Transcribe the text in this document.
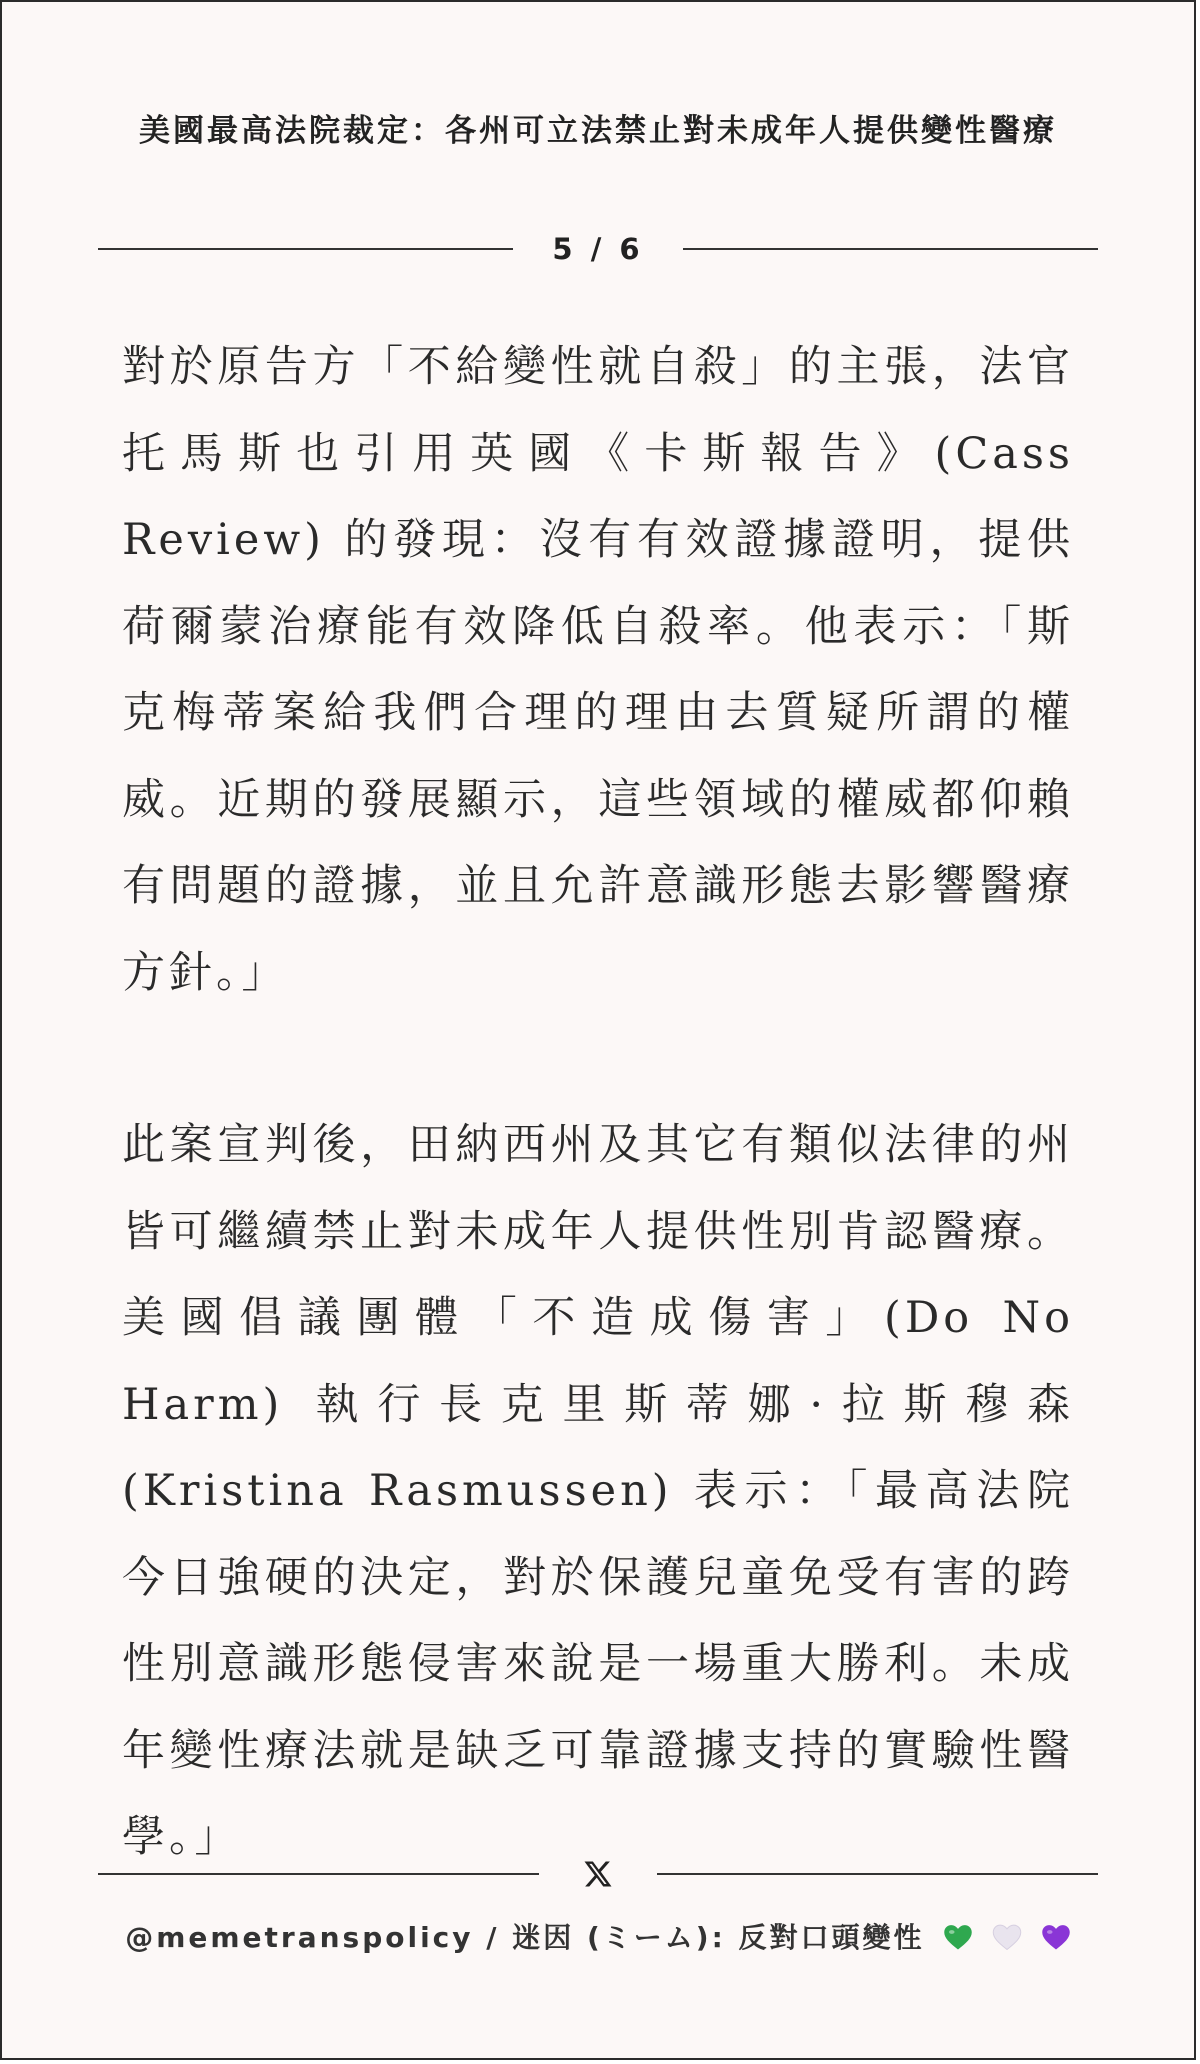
美國最高法院裁定：各州可立法禁止對未成年人提供變性醫療
5 / 6

對於原告方「不給變性就自殺」的主張，法官托馬斯也引用英國《卡斯報告》(Cass Review) 的發現：沒有有效證據證明，提供荷爾蒙治療能有效降低自殺率。他表示：「斯克梅蒂案給我們合理的理由去質疑所謂的權威。近期的發展顯示，這些領域的權威都仰賴有問題的證據，並且允許意識形態去影響醫療方針。」

此案宣判後，田納西州及其它有類似法律的州皆可繼續禁止對未成年人提供性別肯認醫療。美國倡議團體「不造成傷害」(Do No Harm) 執行長克里斯蒂娜·拉斯穆森 (Kristina Rasmussen) 表示：「最高法院今日強硬的決定，對於保護兒童免受有害的跨性別意識形態侵害來說是一場重大勝利。未成年變性療法就是缺乏可靠證據支持的實驗性醫學。」

@memetranspolicy / 迷因 (ミーム): 反對口頭變性
